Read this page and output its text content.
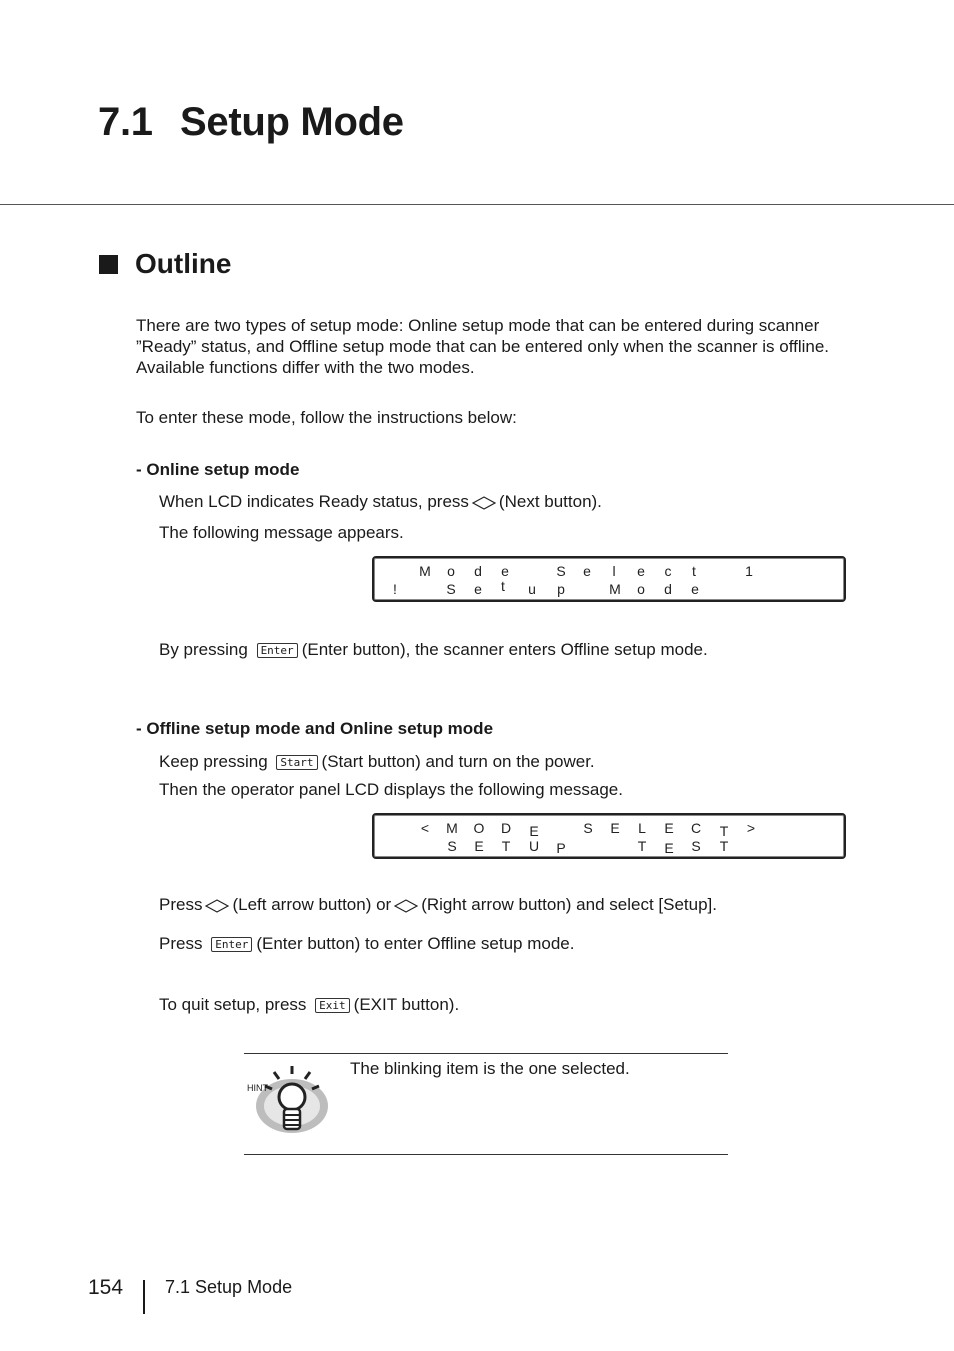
7.1 Setup Mode
Outline
There are two types of setup mode: Online setup mode that can be entered during scanner
”Ready” status, and Offline setup mode that can be entered only when the scanner is offline.
Available functions differ with the two modes.
To enter these mode, follow the instructions below:
- Online setup mode
When LCD indicates Ready status, press (Next button).
The following message appears.
M o d e	S e	l	e c	t	1
!	S e	t	u p	M o d e
By pressing Enter (Enter button), the scanner enters Offline setup mode.
- Offline setup mode and Online setup mode
Keep pressing Start (Start button) and turn on the power.
Then the operator panel LCD displays the following message.
< M O D E	S E L E C T >
S E T U P	T E S T
Press (Left arrow button) or (Right arrow button) and select [Setup].
Press Enter (Enter button) to enter Offline setup mode.
To quit setup, press Exit (EXIT button).
HINT
The blinking item is the one selected.
154 7.1 Setup Mode
